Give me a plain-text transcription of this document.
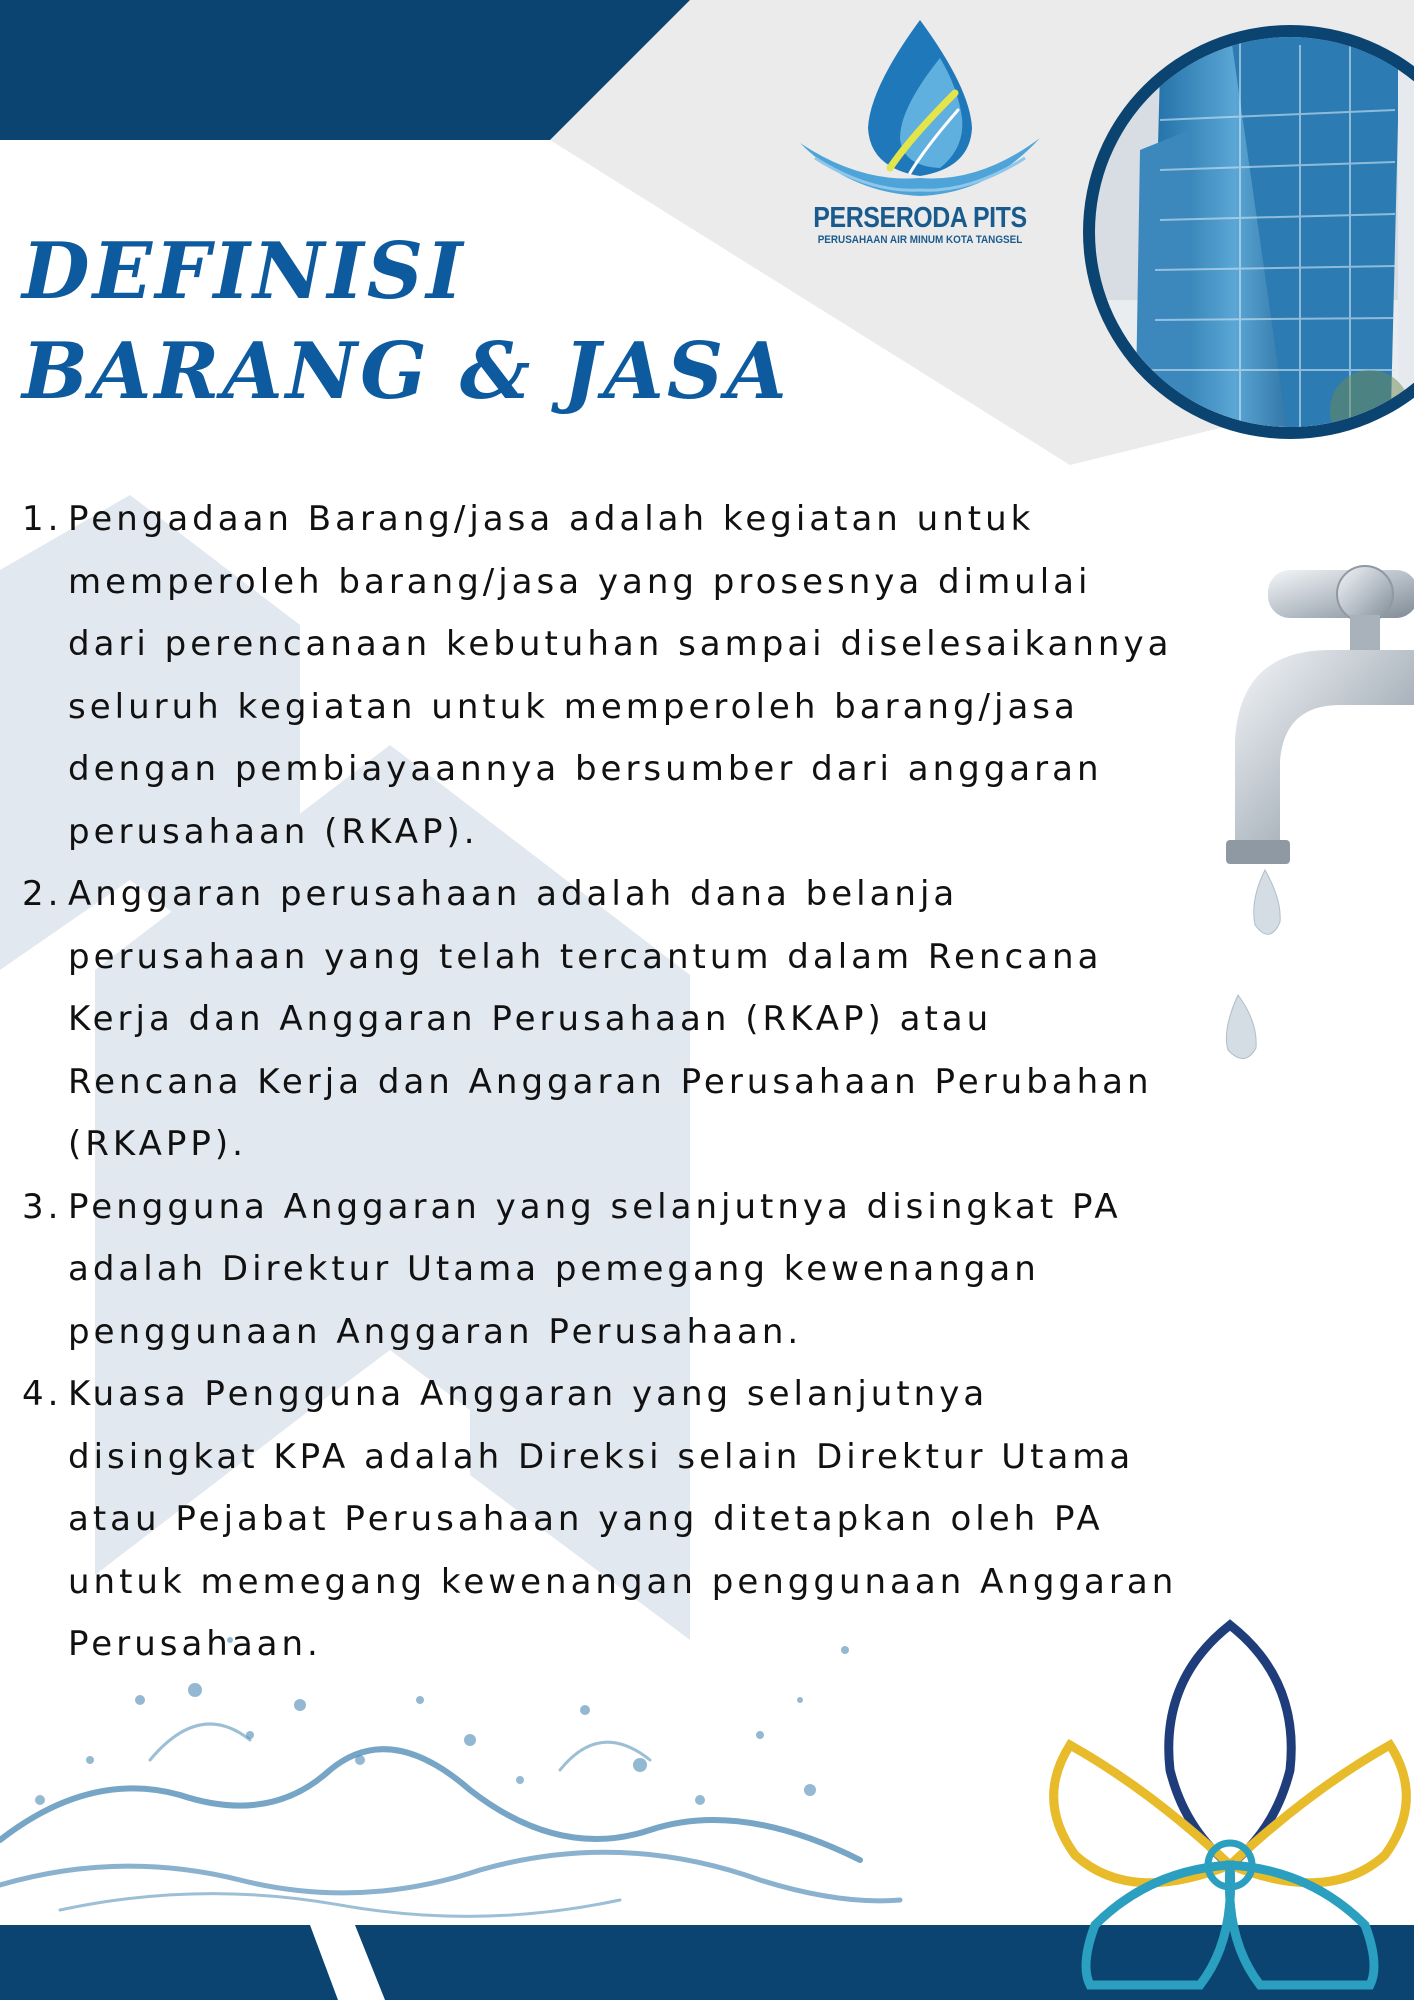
PERSERODA PITS
PERUSAHAAN AIR MINUM KOTA TANGSEL
DEFINISI
BARANG & JASA
1. Pengadaan Barang/jasa adalah kegiatan untuk
memperoleh barang/jasa yang prosesnya dimulai
dari perencanaan kebutuhan sampai diselesaikannya
seluruh kegiatan untuk memperoleh barang/jasa
dengan pembiayaannya bersumber dari anggaran
perusahaan (RKAP).
2. Anggaran perusahaan adalah dana belanja
perusahaan yang telah tercantum dalam Rencana
Kerja dan Anggaran Perusahaan (RKAP) atau
Rencana Kerja dan Anggaran Perusahaan Perubahan
(RKAPP).
3. Pengguna Anggaran yang selanjutnya disingkat PA
adalah Direktur Utama pemegang kewenangan
penggunaan Anggaran Perusahaan.
4. Kuasa Pengguna Anggaran yang selanjutnya
disingkat KPA adalah Direksi selain Direktur Utama
atau Pejabat Perusahaan yang ditetapkan oleh PA
untuk memegang kewenangan penggunaan Anggaran
Perusahaan.
